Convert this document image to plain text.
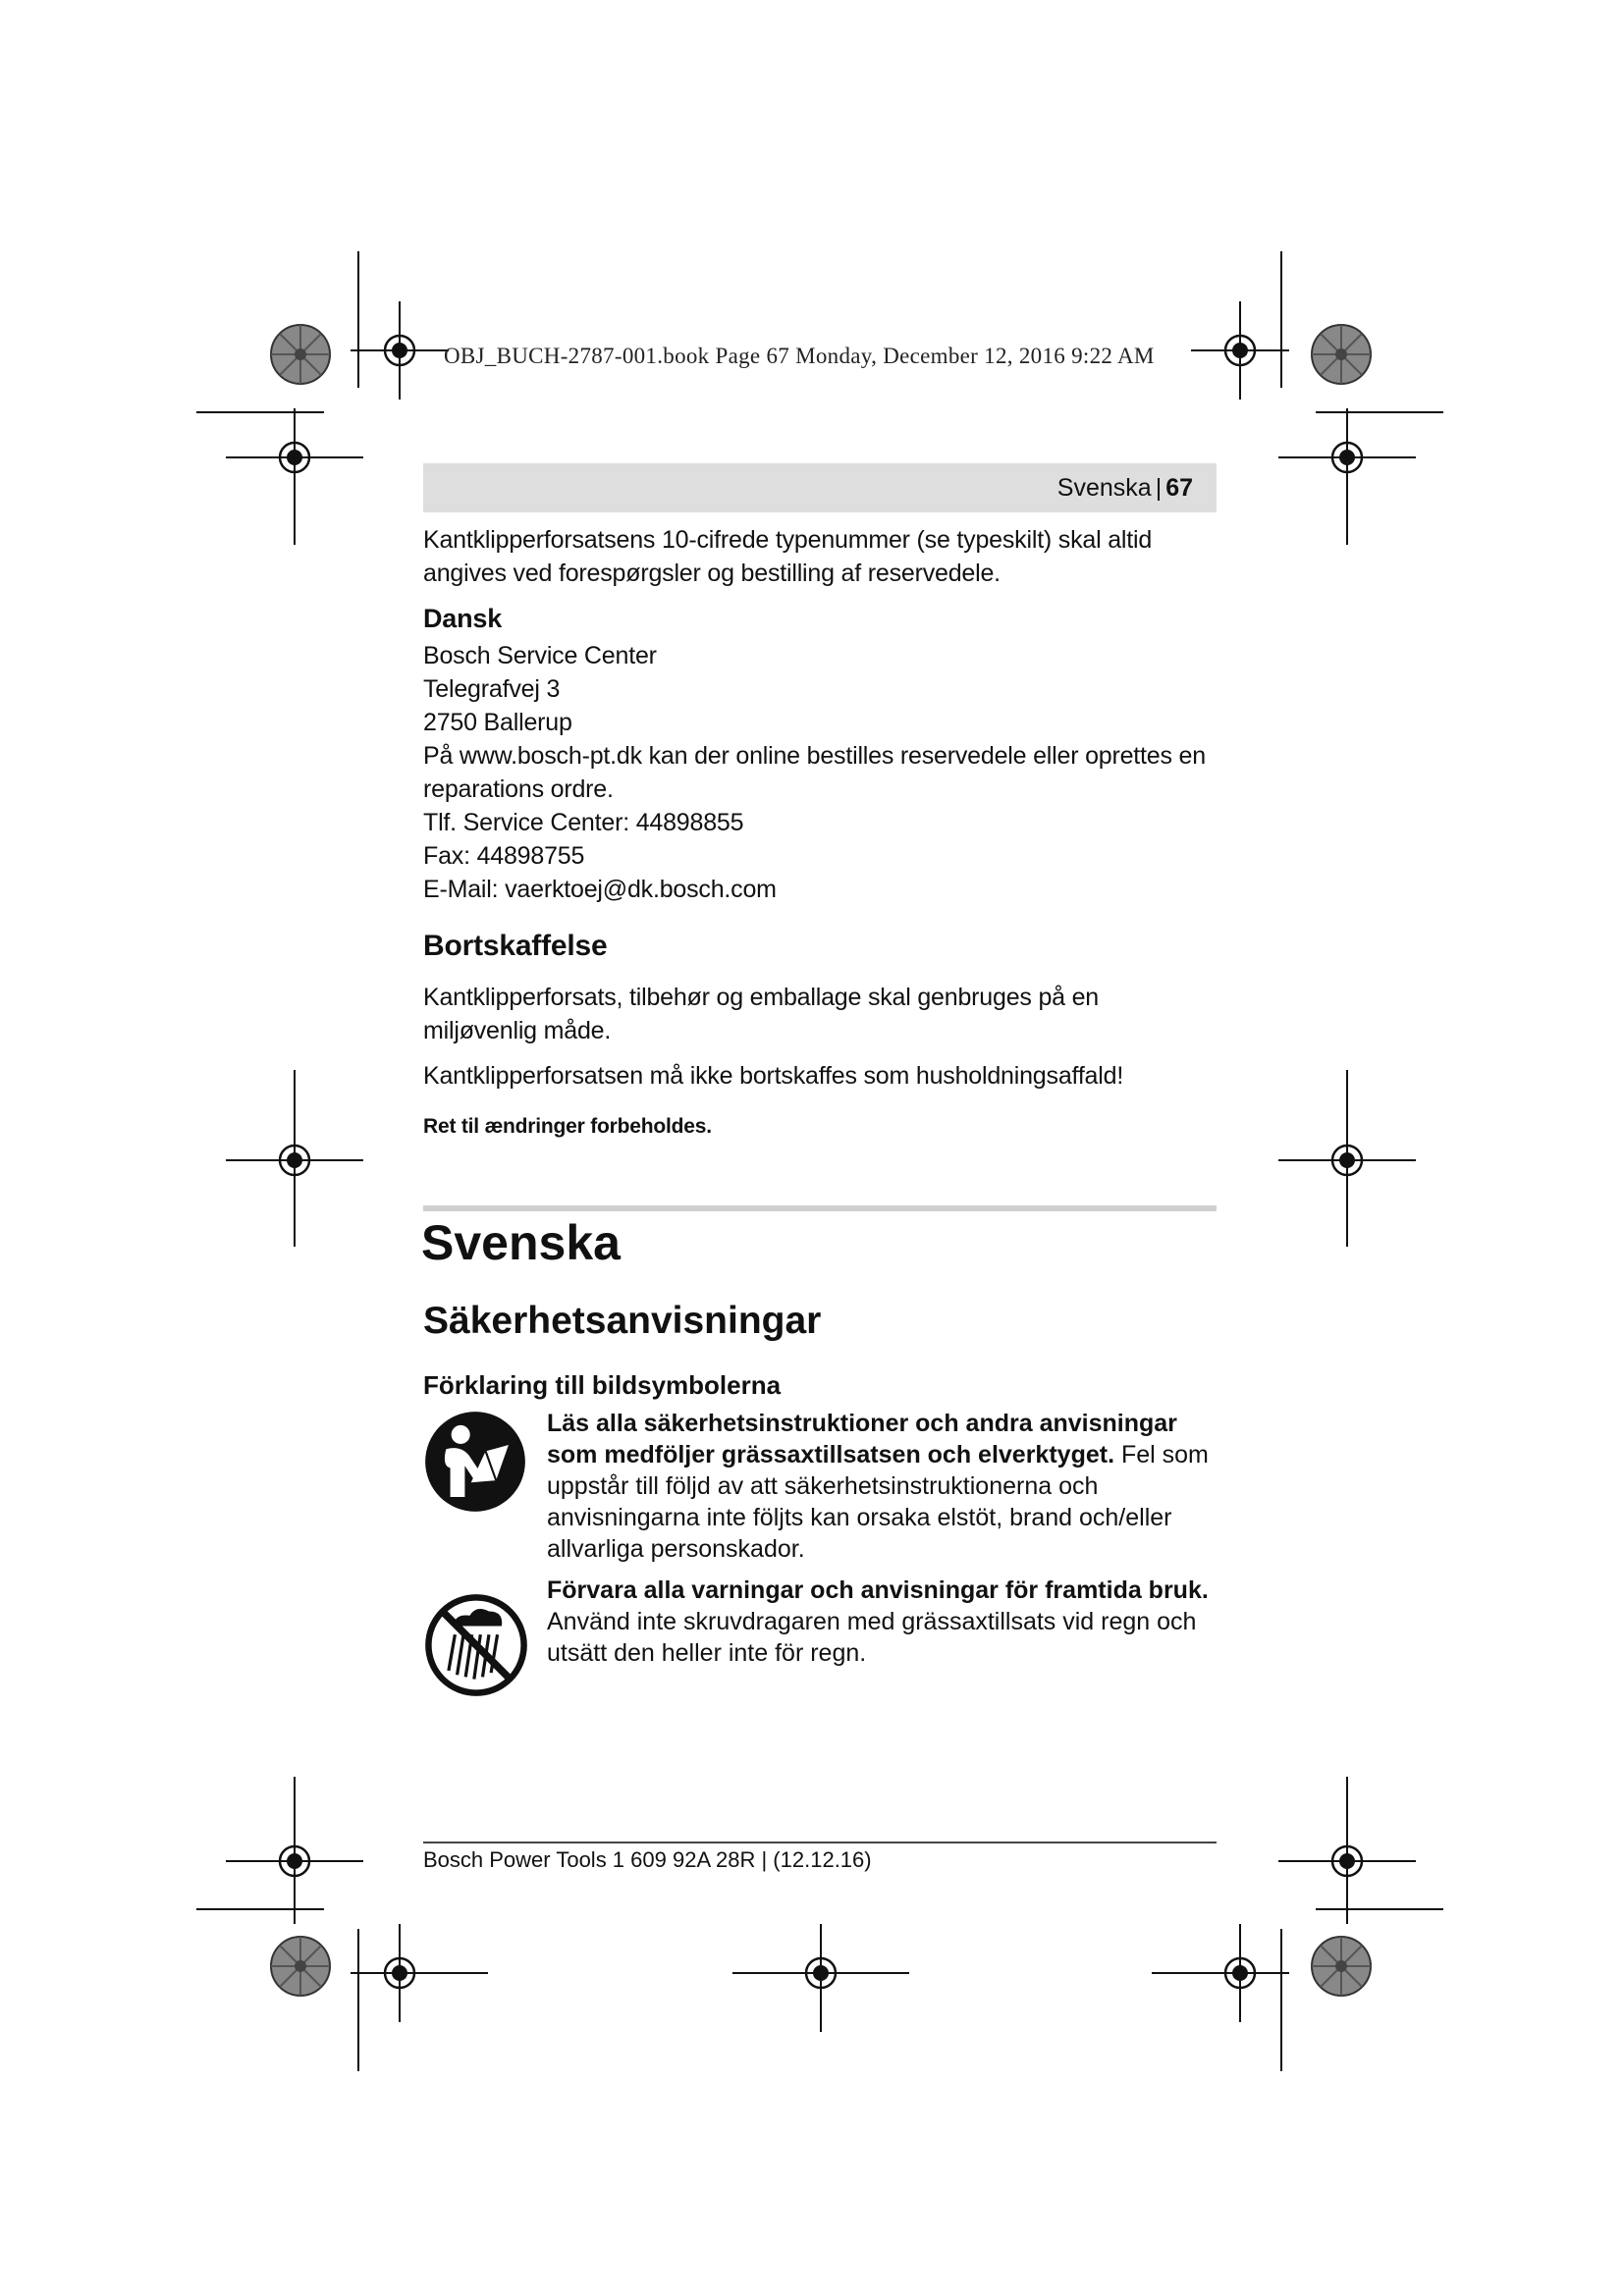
OBJ_BUCH-2787-001.book Page 67 Monday, December 12, 2016 9:22 AM
Svenska | 67

Kantklipperforsatsens 10-cifrede typenummer (se typeskilt) skal altid angives ved forespørgsler og bestilling af reservedele.

Dansk

Bosch Service Center

Telegrafvej 3

2750 Ballerup

På www.bosch-pt.dk kan der online bestilles reservedele eller oprettes en reparations ordre.

Tlf. Service Center: 44898855

Fax: 44898755

E-Mail: vaerktoej@dk.bosch.com

Bortskaffelse

Kantklipperforsats, tilbehør og emballage skal genbruges på en miljøvenlig måde.

Kantklipperforsatsen må ikke bortskaffes som husholdningsaffald!

Ret til ændringer forbeholdes.

Svenska
Säkerhetsanvisningar
Förklaring till bildsymbolerna

Läs alla säkerhetsinstruktioner och andra anvisningar som medföljer grässaxtillsatsen och elverktyget. Fel som uppstår till följd av att säkerhetsinstruktionerna och anvisningarna inte följts kan orsaka elstöt, brand och/eller allvarliga personskador.

Förvara alla varningar och anvisningar för framtida bruk.

Använd inte skruvdragaren med grässaxtillsats vid regn och utsätt den heller inte för regn.

Bosch Power Tools 1 609 92A 28R | (12.12.16)
